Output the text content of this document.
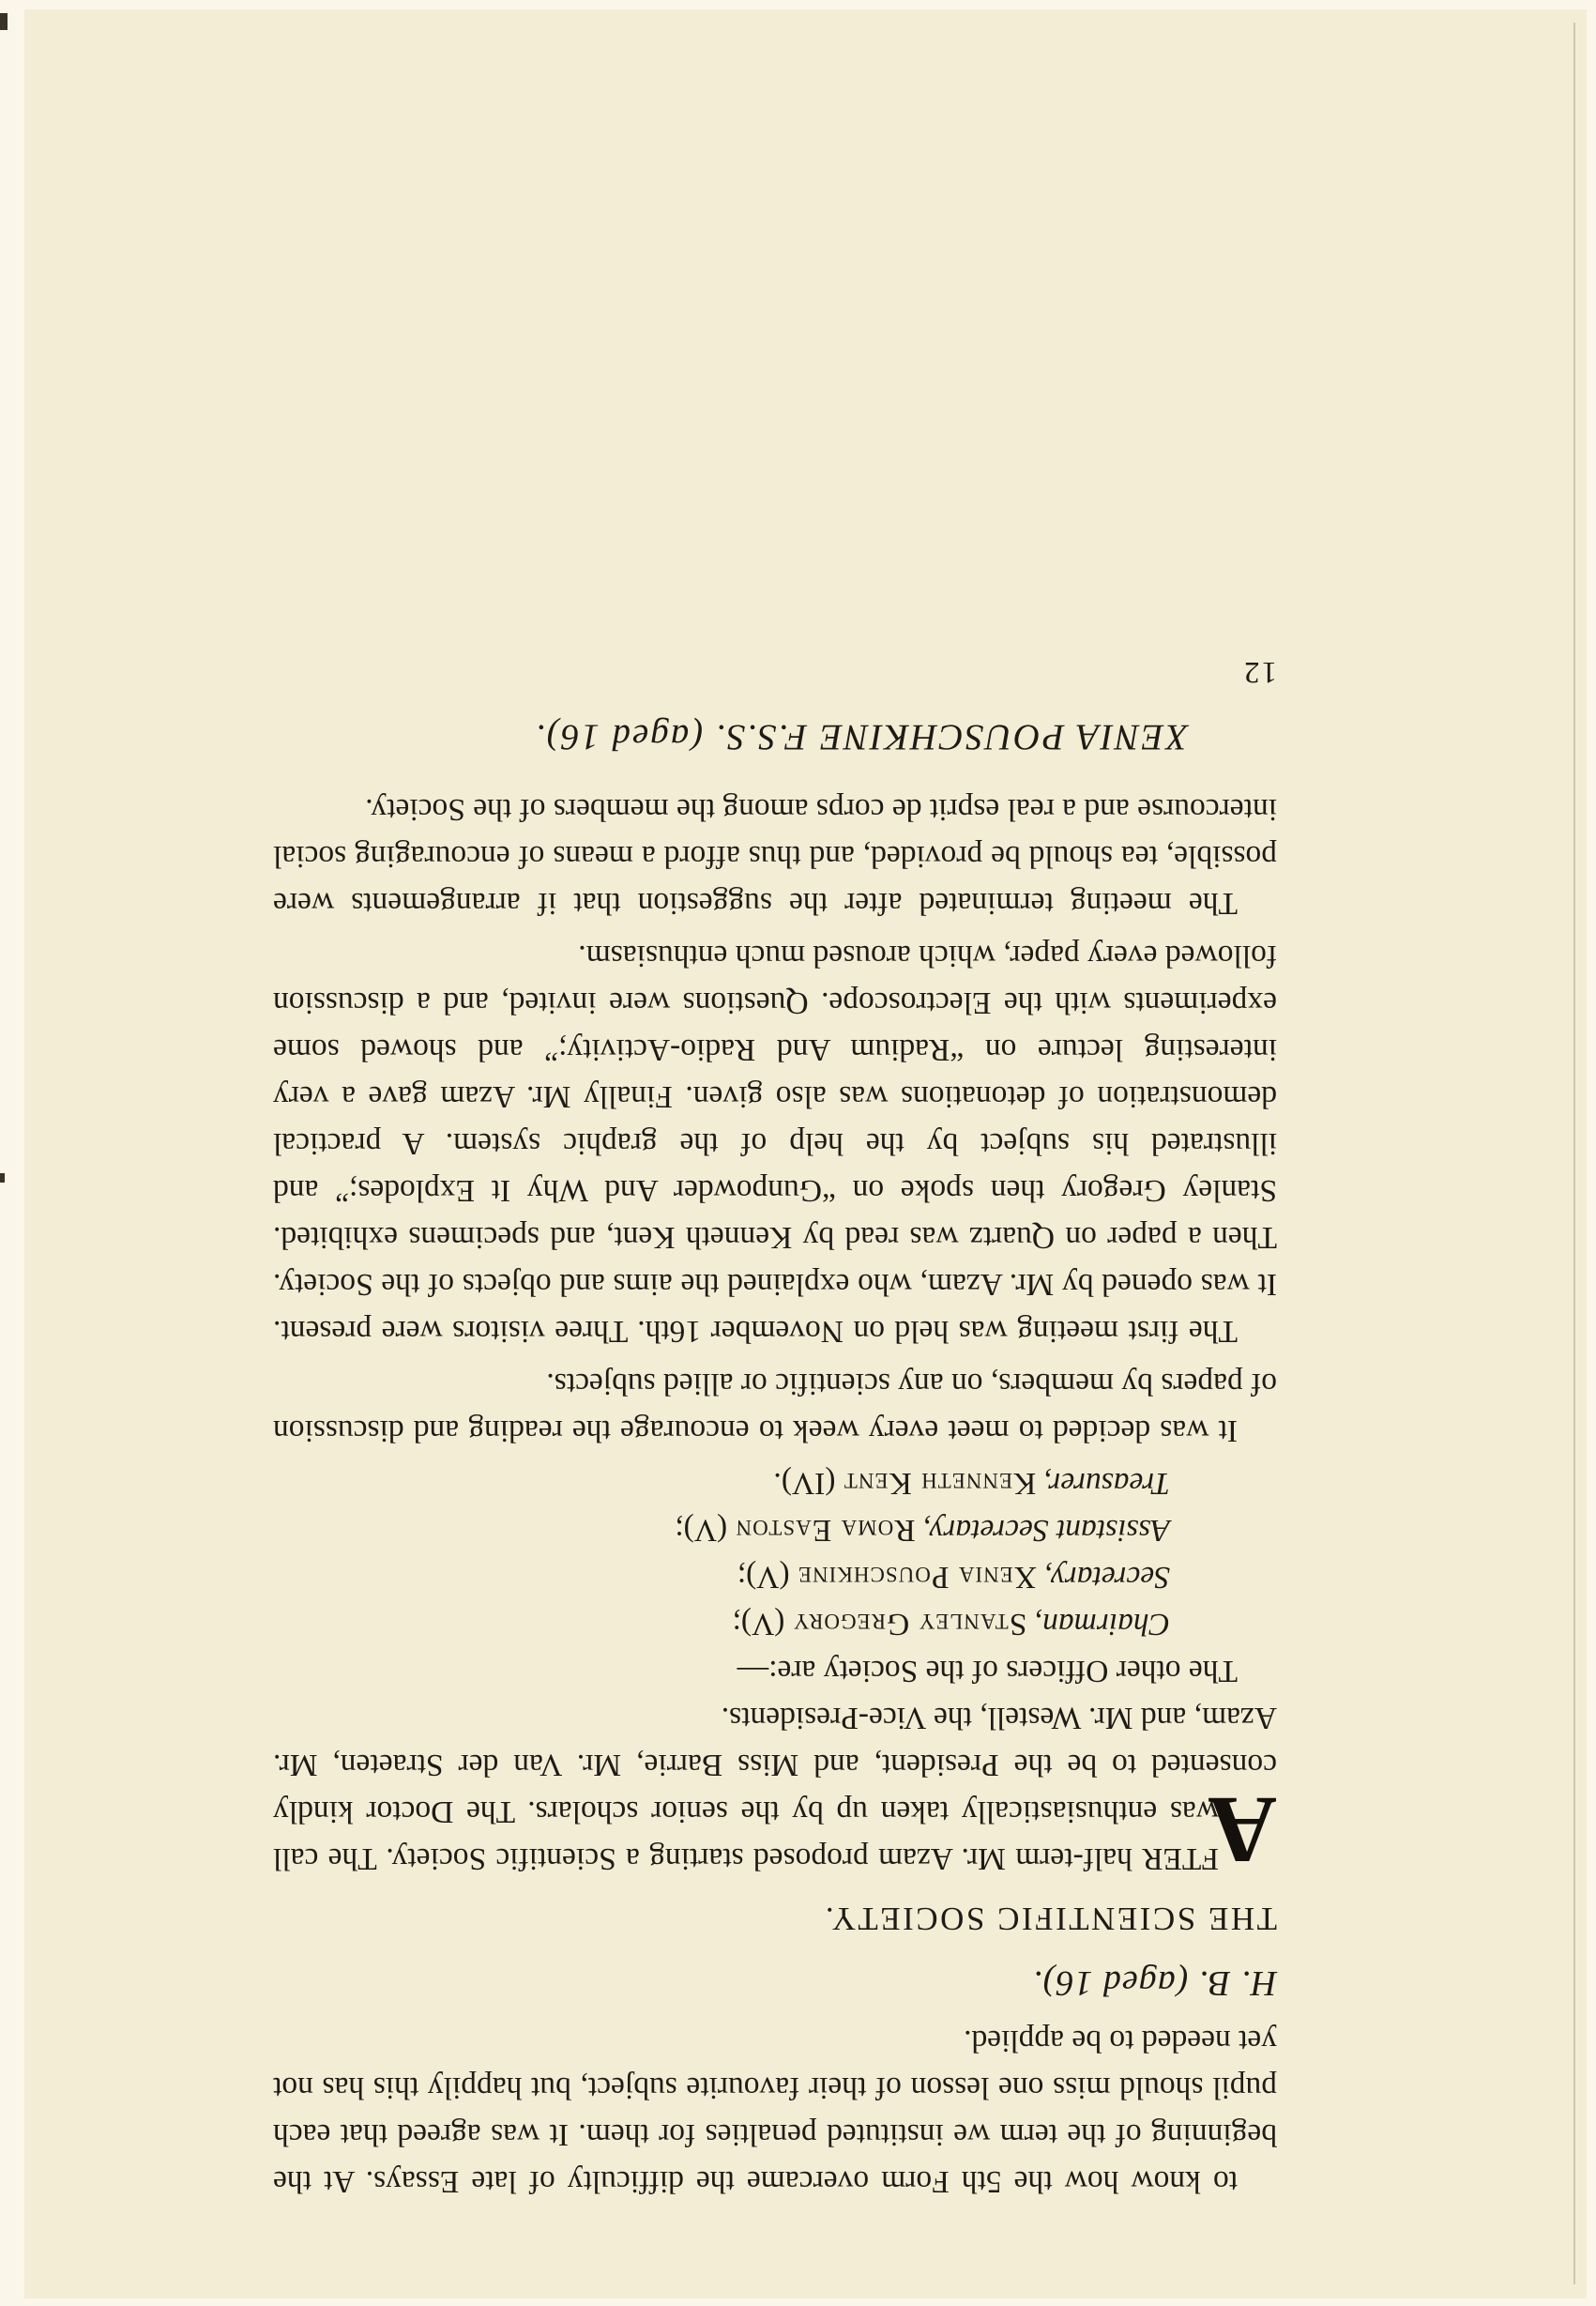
to know how the 5th Form overcame the difficulty of late Essays. At the beginning of the term we instituted penalties for them. It was agreed that each pupil should miss one lesson of their favourite subject, but happily this has not yet needed to be applied.

H. B. (aged 16).

THE SCIENTIFIC SOCIETY.

A

FTER half-term Mr. Azam proposed starting a Scientific Society. The call was enthusiastically taken up by the senior scholars. The Doctor kindly consented to be the President, and Miss Barrie, Mr. Van der Straeten, Mr. Azam, and Mr. Westell, the Vice-Presidents.

The other Officers of the Society are:—

Chairman, Stanley Gregory (V);
Secretary, Xenia Pouschkine (V);
Assistant Secretary, Roma Easton (V);
Treasurer, Kenneth Kent (IV).

It was decided to meet every week to encourage the reading and discussion of papers by members, on any scientific or allied subjects.

The first meeting was held on November 16th. Three visitors were present. It was opened by Mr. Azam, who explained the aims and objects of the Society. Then a paper on Quartz was read by Kenneth Kent, and specimens exhibited. Stanley Gregory then spoke on “Gunpowder And Why It Explodes;” and illustrated his subject by the help of the graphic system. A practical demonstration of detonations was also given. Finally Mr. Azam gave a very interesting lecture on “Radium And Radio-Activity;” and showed some experiments with the Electroscope. Questions were invited, and a discussion followed every paper, which aroused much enthusiasm.

The meeting terminated after the suggestion that if arrangements were possible, tea should be provided, and thus afford a means of encouraging social intercourse and a real esprit de corps among the members of the Society.

XENIA POUSCHKINE F.S.S. (aged 16).

12
